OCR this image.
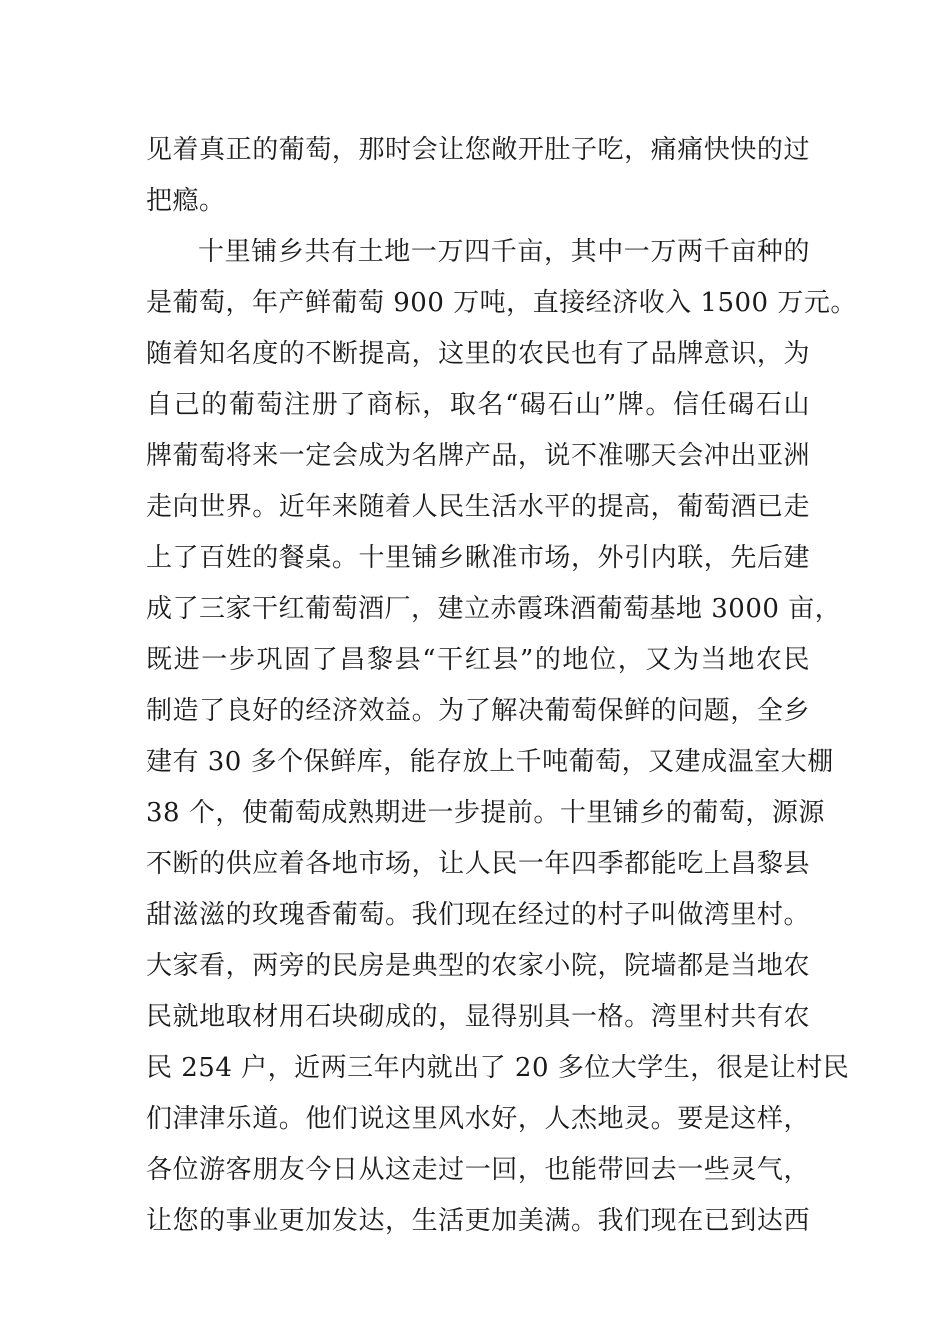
见着真正的葡萄，那时会让您敞开肚子吃，痛痛快快的过
把瘾。
十里铺乡共有土地一万四千亩，其中一万两千亩种的
是葡萄，年产鲜葡萄 900 万吨，直接经济收入 1500 万元。
随着知名度的不断提高，这里的农民也有了品牌意识，为
自己的葡萄注册了商标，取名“碣石山”牌。信任碣石山
牌葡萄将来一定会成为名牌产品，说不准哪天会冲出亚洲
走向世界。近年来随着人民生活水平的提高，葡萄酒已走
上了百姓的餐桌。十里铺乡瞅准市场，外引内联，先后建
成了三家干红葡萄酒厂，建立赤霞珠酒葡萄基地 3000 亩，
既进一步巩固了昌黎县“干红县”的地位，又为当地农民
制造了良好的经济效益。为了解决葡萄保鲜的问题，全乡
建有 30 多个保鲜库，能存放上千吨葡萄，又建成温室大棚
38 个，使葡萄成熟期进一步提前。十里铺乡的葡萄，源源
不断的供应着各地市场，让人民一年四季都能吃上昌黎县
甜滋滋的玫瑰香葡萄。我们现在经过的村子叫做湾里村。
大家看，两旁的民房是典型的农家小院，院墙都是当地农
民就地取材用石块砌成的，显得别具一格。湾里村共有农
民 254 户，近两三年内就出了 20 多位大学生，很是让村民
们津津乐道。他们说这里风水好，人杰地灵。要是这样，
各位游客朋友今日从这走过一回，也能带回去一些灵气，
让您的事业更加发达，生活更加美满。我们现在已到达西
